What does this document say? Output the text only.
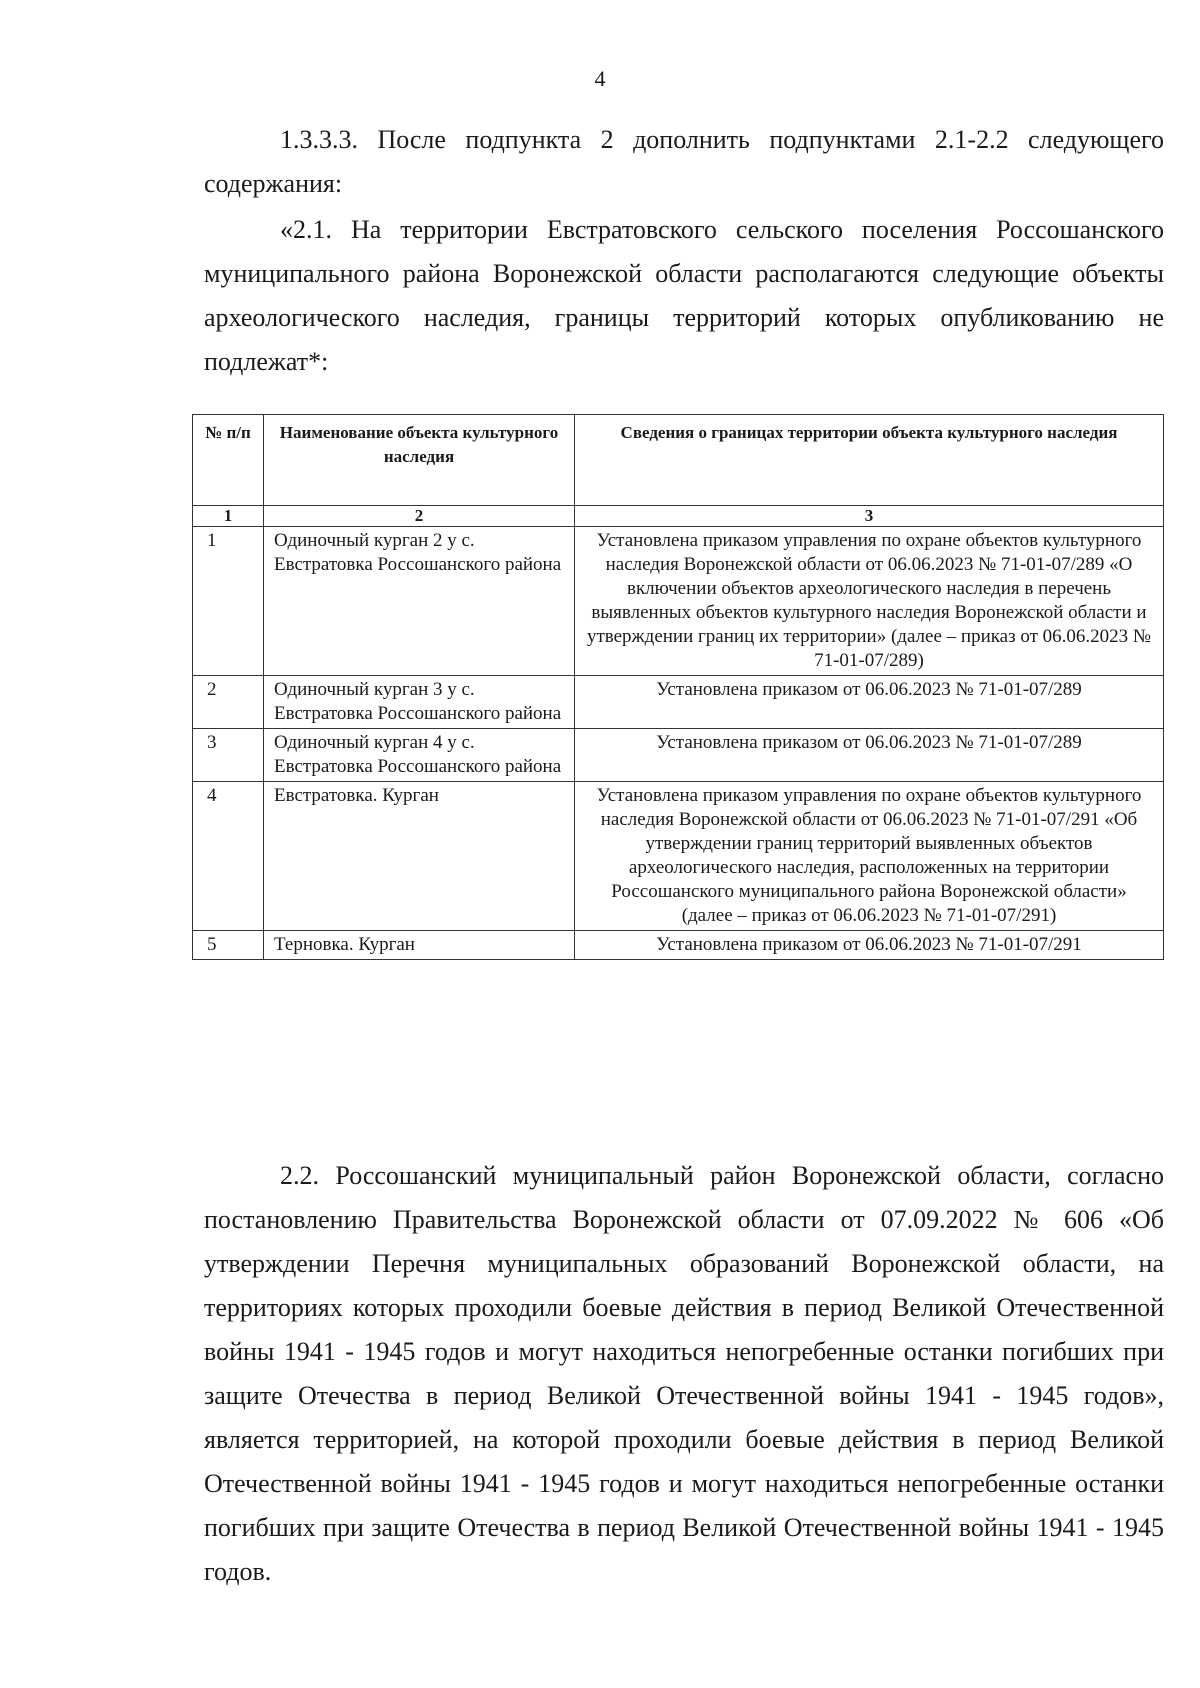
4

1.3.3.3. После подпункта 2 дополнить подпунктами 2.1-2.2 следующего содержания:

«2.1. На территории Евстратовского сельского поселения Россошанского муниципального района Воронежской области располагаются следующие объекты археологического наследия, границы территорий которых опубликованию не подлежат*:

№ п/п	Наименование объекта культурного наследия	Сведения о границах территории объекта культурного наследия
1	2	3
1	Одиночный курган 2 у с. Евстратовка Россошанского района	Установлена приказом управления по охране объектов культурного наследия Воронежской области от 06.06.2023 № 71-01-07/289 «О включении объектов археологического наследия в перечень выявленных объектов культурного наследия Воронежской области и утверждении границ их территории» (далее – приказ от 06.06.2023 № 71-01-07/289)
2	Одиночный курган 3 у с. Евстратовка Россошанского района	Установлена приказом от 06.06.2023 № 71-01-07/289
3	Одиночный курган 4 у с. Евстратовка Россошанского района	Установлена приказом от 06.06.2023 № 71-01-07/289
4	Евстратовка. Курган	Установлена приказом управления по охране объектов культурного наследия Воронежской области от 06.06.2023 № 71-01-07/291 «Об утверждении границ территорий выявленных объектов археологического наследия, расположенных на территории Россошанского муниципального района Воронежской области» (далее – приказ от 06.06.2023 № 71-01-07/291)
5	Терновка. Курган	Установлена приказом от 06.06.2023 № 71-01-07/291

2.2. Россошанский муниципальный район Воронежской области, согласно постановлению Правительства Воронежской области от 07.09.2022 № 606 «Об утверждении Перечня муниципальных образований Воронежской области, на территориях которых проходили боевые действия в период Великой Отечественной войны 1941 - 1945 годов и могут находиться непогребенные останки погибших при защите Отечества в период Великой Отечественной войны 1941 - 1945 годов», является территорией, на которой проходили боевые действия в период Великой Отечественной войны 1941 - 1945 годов и могут находиться непогребенные останки погибших при защите Отечества в период Великой Отечественной войны 1941 - 1945 годов.
